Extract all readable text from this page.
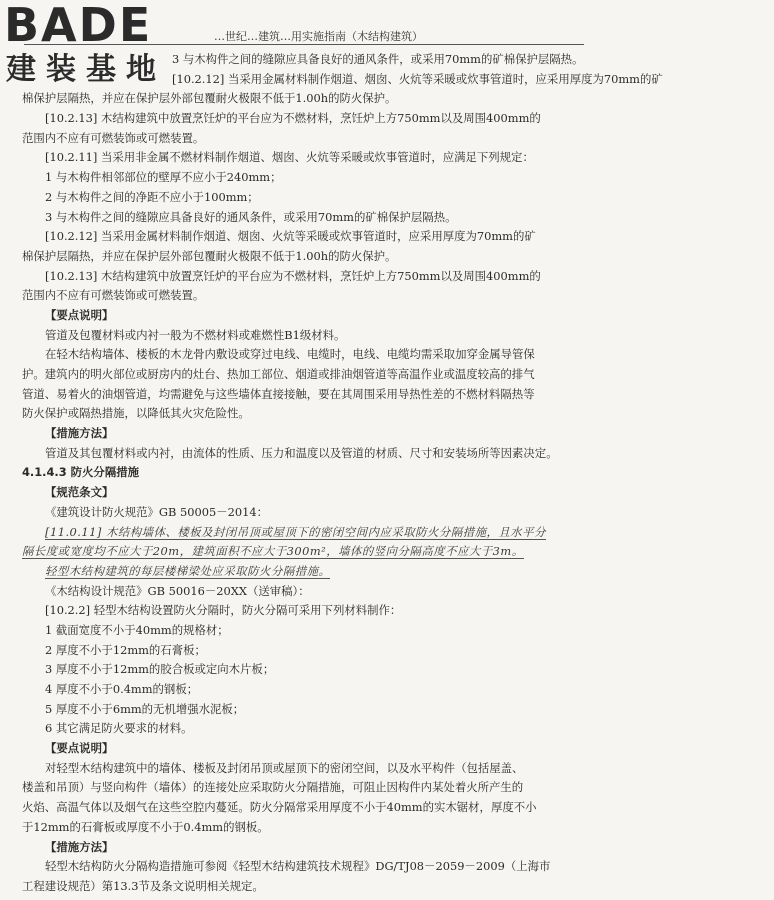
BADE
建装基地
…世纪…建筑…用实施指南（木结构建筑）
3 与木构件之间的缝隙应具备良好的通风条件，或采用70mm的矿棉保护层隔热。
[10.2.12] 当采用金属材料制作烟道、烟囱、火炕等采暖或炊事管道时，应采用厚度为70mm的矿
棉保护层隔热，并应在保护层外部包覆耐火极限不低于1.00h的防火保护。
[10.2.13] 木结构建筑中放置烹饪炉的平台应为不燃材料，烹饪炉上方750mm以及周围400mm的
范围内不应有可燃装饰或可燃装置。
[10.2.11] 当采用非金属不燃材料制作烟道、烟囱、火炕等采暖或炊事管道时，应满足下列规定：
1 与木构件相邻部位的壁厚不应小于240mm；
2 与木构件之间的净距不应小于100mm；
3 与木构件之间的缝隙应具备良好的通风条件，或采用70mm的矿棉保护层隔热。
[10.2.12] 当采用金属材料制作烟道、烟囱、火炕等采暖或炊事管道时，应采用厚度为70mm的矿
棉保护层隔热，并应在保护层外部包覆耐火极限不低于1.00h的防火保护。
[10.2.13] 木结构建筑中放置烹饪炉的平台应为不燃材料，烹饪炉上方750mm以及周围400mm的
范围内不应有可燃装饰或可燃装置。
【要点说明】
管道及包覆材料或内衬一般为不燃材料或难燃性B1级材料。
在轻木结构墙体、楼板的木龙骨内敷设或穿过电线、电缆时，电线、电缆均需采取加穿金属导管保
护。建筑内的明火部位或厨房内的灶台、热加工部位、烟道或排油烟管道等高温作业或温度较高的排气
管道、易着火的油烟管道，均需避免与这些墙体直接接触，要在其周围采用导热性差的不燃材料隔热等
防火保护或隔热措施，以降低其火灾危险性。
【措施方法】
管道及其包覆材料或内衬，由流体的性质、压力和温度以及管道的材质、尺寸和安装场所等因素决定。
4.1.4.3 防火分隔措施
【规范条文】
《建筑设计防火规范》GB 50005－2014：
[11.0.11] 木结构墙体、楼板及封闭吊顶或屋顶下的密闭空间内应采取防火分隔措施，且水平分
隔长度或宽度均不应大于20m，建筑面积不应大于300m²，墙体的竖向分隔高度不应大于3m。
轻型木结构建筑的每层楼梯梁处应采取防火分隔措施。
《木结构设计规范》GB 50016－20XX（送审稿）：
[10.2.2] 轻型木结构设置防火分隔时，防火分隔可采用下列材料制作：
1 截面宽度不小于40mm的规格材；
2 厚度不小于12mm的石膏板；
3 厚度不小于12mm的胶合板或定向木片板；
4 厚度不小于0.4mm的钢板；
5 厚度不小于6mm的无机增强水泥板；
6 其它满足防火要求的材料。
【要点说明】
对轻型木结构建筑中的墙体、楼板及封闭吊顶或屋顶下的密闭空间，以及水平构件（包括屋盖、
楼盖和吊顶）与竖向构件（墙体）的连接处应采取防火分隔措施，可阻止因构件内某处着火所产生的
火焰、高温气体以及烟气在这些空腔内蔓延。防火分隔常采用厚度不小于40mm的实木锯材，厚度不小
于12mm的石膏板或厚度不小于0.4mm的钢板。
【措施方法】
轻型木结构防火分隔构造措施可参阅《轻型木结构建筑技术规程》DG/TJ08－2059－2009（上海市
工程建设规范）第13.3节及条文说明相关规定。
